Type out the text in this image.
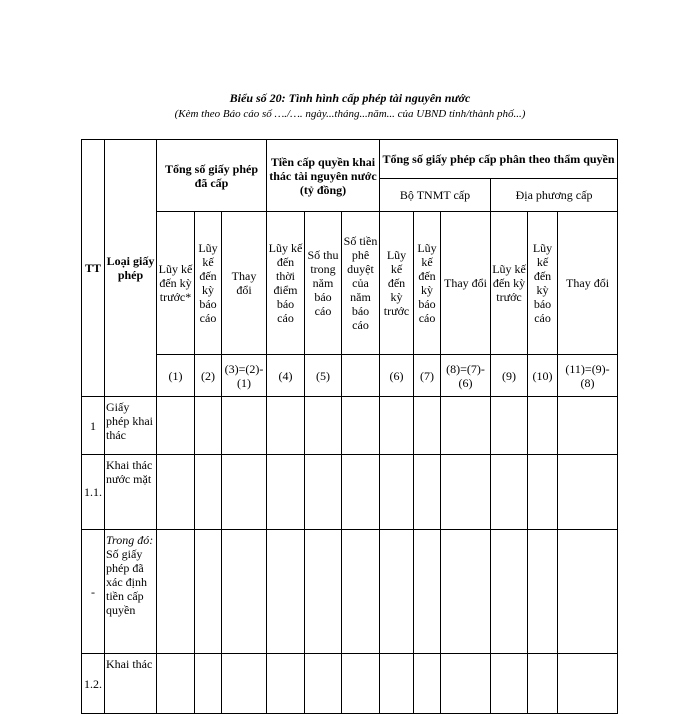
Biểu số 20: Tình hình cấp phép tài nguyên nước
(Kèm theo Báo cáo số …./…. ngày...tháng...năm... của UBND tỉnh/thành phố...)
TT	Loại giấy phép	Tổng số giấy phép đã cấp			Tiền cấp quyền khai thác tài nguyên nước (tỷ đồng)			Tổng số giấy phép cấp phân theo thẩm quyền					
								Bộ TNMT cấp			Địa phương cấp		
		Lũy kế đến kỳ trước*	Lũy kế đến kỳ báo cáo	Thay đổi	Lũy kế đến thời điểm báo cáo	Số thu trong năm báo cáo	Số tiền phê duyệt của năm báo cáo	Lũy kế đến kỳ trước	Lũy kế đến kỳ báo cáo	Thay đổi	Lũy kế đến kỳ trước	Lũy kế đến kỳ báo cáo	Thay đổi
		(1)	(2)	(3)=(2)-(1)	(4)	(5)		(6)	(7)	(8)=(7)-(6)	(9)	(10)	(11)=(9)-(8)
1	Giấy phép khai thác												
1.1.	Khai thác nước mặt												
-	Trong đó: Số giấy phép đã xác định tiền cấp quyền												
1.2.	Khai thác												
